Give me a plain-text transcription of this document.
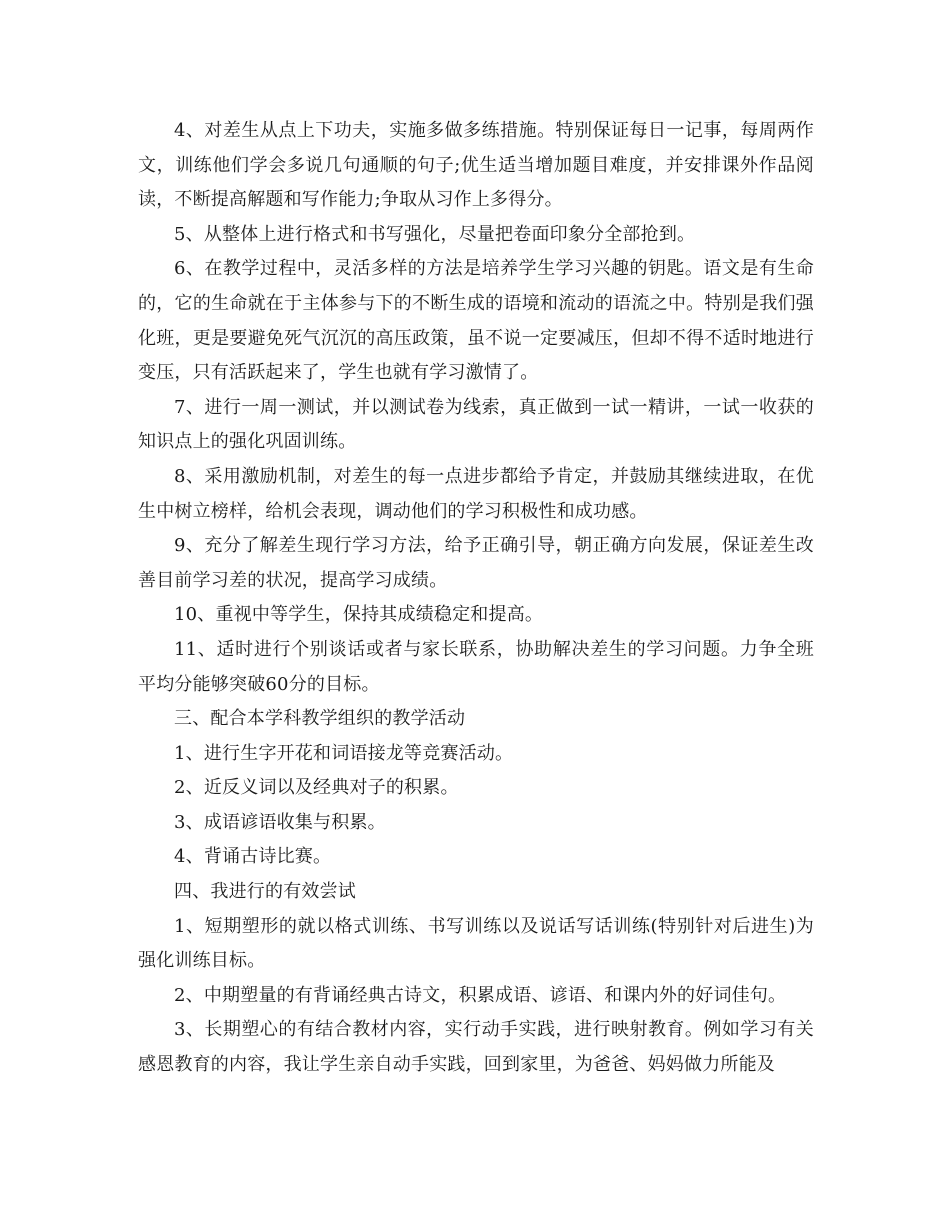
4、对差生从点上下功夫，实施多做多练措施。特别保证每日一记事，每周两作文，训练他们学会多说几句通顺的句子;优生适当增加题目难度，并安排课外作品阅读，不断提高解题和写作能力;争取从习作上多得分。

5、从整体上进行格式和书写强化，尽量把卷面印象分全部抢到。

6、在教学过程中，灵活多样的方法是培养学生学习兴趣的钥匙。语文是有生命的，它的生命就在于主体参与下的不断生成的语境和流动的语流之中。特别是我们强化班，更是要避免死气沉沉的高压政策，虽不说一定要减压，但却不得不适时地进行变压，只有活跃起来了，学生也就有学习激情了。

7、进行一周一测试，并以测试卷为线索，真正做到一试一精讲，一试一收获的知识点上的强化巩固训练。

8、采用激励机制，对差生的每一点进步都给予肯定，并鼓励其继续进取，在优生中树立榜样，给机会表现，调动他们的学习积极性和成功感。

9、充分了解差生现行学习方法，给予正确引导，朝正确方向发展，保证差生改善目前学习差的状况，提高学习成绩。

10、重视中等学生，保持其成绩稳定和提高。

11、适时进行个别谈话或者与家长联系，协助解决差生的学习问题。力争全班平均分能够突破60分的目标。

三、配合本学科教学组织的教学活动

1、进行生字开花和词语接龙等竞赛活动。

2、近反义词以及经典对子的积累。

3、成语谚语收集与积累。

4、背诵古诗比赛。

四、我进行的有效尝试

1、短期塑形的就以格式训练、书写训练以及说话写话训练(特别针对后进生)为强化训练目标。

2、中期塑量的有背诵经典古诗文，积累成语、谚语、和课内外的好词佳句。

3、长期塑心的有结合教材内容，实行动手实践，进行映射教育。例如学习有关感恩教育的内容，我让学生亲自动手实践，回到家里，为爸爸、妈妈做力所能及
